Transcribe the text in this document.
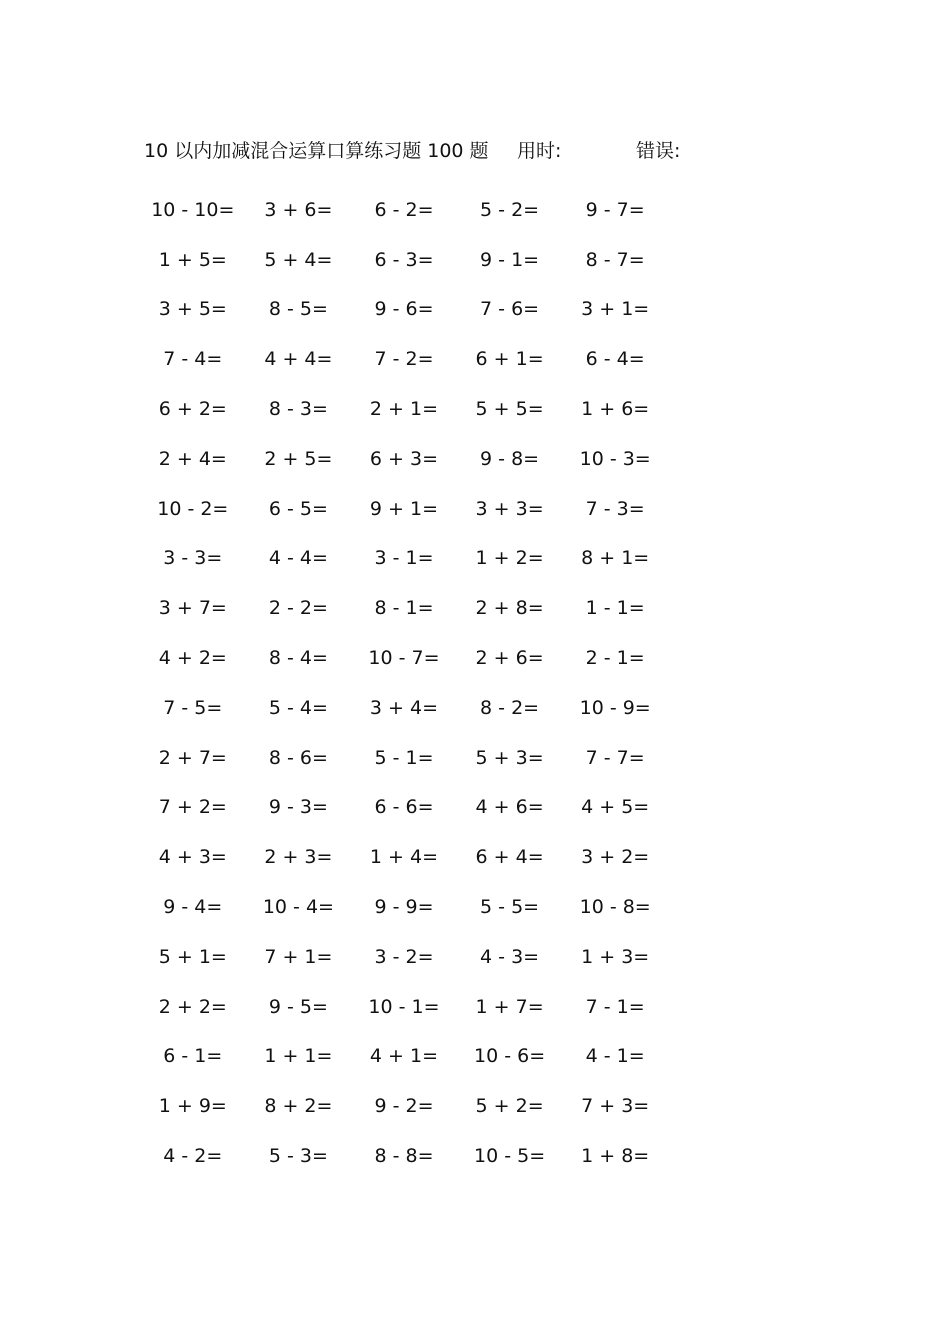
10 以内加减混合运算口算练习题 100 题 用时:	错误:
10 - 10=	3 + 6=	6 - 2=	5 - 2=	9 - 7=
1 + 5=	5 + 4=	6 - 3=	9 - 1=	8 - 7=
3 + 5=	8 - 5=	9 - 6=	7 - 6=	3 + 1=
7 - 4=	4 + 4=	7 - 2=	6 + 1=	6 - 4=
6 + 2=	8 - 3=	2 + 1=	5 + 5=	1 + 6=
2 + 4=	2 + 5=	6 + 3=	9 - 8=	10 - 3=
10 - 2=	6 - 5=	9 + 1=	3 + 3=	7 - 3=
3 - 3=	4 - 4=	3 - 1=	1 + 2=	8 + 1=
3 + 7=	2 - 2=	8 - 1=	2 + 8=	1 - 1=
4 + 2=	8 - 4=	10 - 7=	2 + 6=	2 - 1=
7 - 5=	5 - 4=	3 + 4=	8 - 2=	10 - 9=
2 + 7=	8 - 6=	5 - 1=	5 + 3=	7 - 7=
7 + 2=	9 - 3=	6 - 6=	4 + 6=	4 + 5=
4 + 3=	2 + 3=	1 + 4=	6 + 4=	3 + 2=
9 - 4=	10 - 4=	9 - 9=	5 - 5=	10 - 8=
5 + 1=	7 + 1=	3 - 2=	4 - 3=	1 + 3=
2 + 2=	9 - 5=	10 - 1=	1 + 7=	7 - 1=
6 - 1=	1 + 1=	4 + 1=	10 - 6=	4 - 1=
1 + 9=	8 + 2=	9 - 2=	5 + 2=	7 + 3=
4 - 2=	5 - 3=	8 - 8=	10 - 5=	1 + 8=
